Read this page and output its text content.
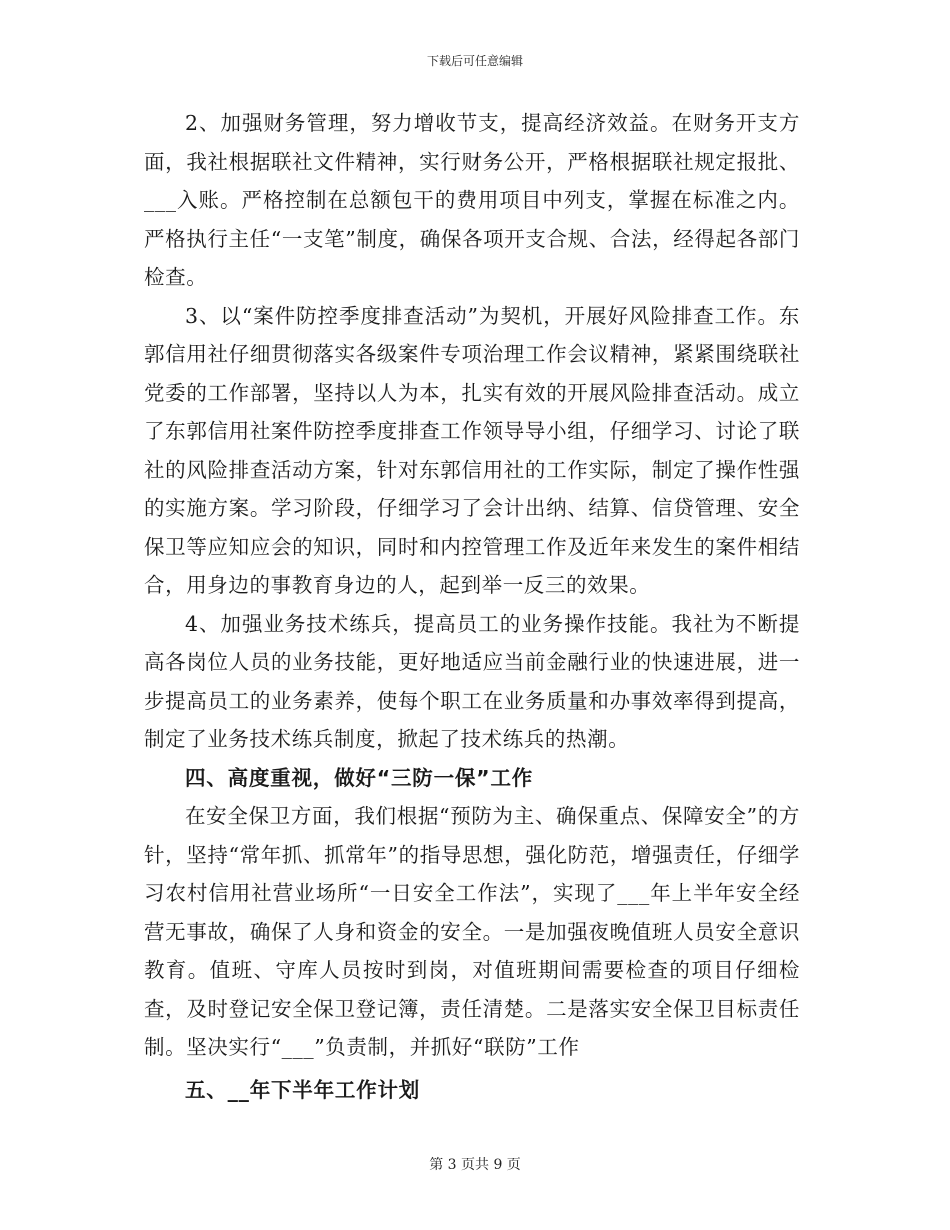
下载后可任意编辑

2、加强财务管理，努力增收节支，提高经济效益。在财务开支方面，我社根据联社文件精神，实行财务公开，严格根据联社规定报批、___入账。严格控制在总额包干的费用项目中列支，掌握在标准之内。严格执行主任“一支笔”制度，确保各项开支合规、合法，经得起各部门检查。

3、以“案件防控季度排查活动”为契机，开展好风险排查工作。东郭信用社仔细贯彻落实各级案件专项治理工作会议精神，紧紧围绕联社党委的工作部署，坚持以人为本，扎实有效的开展风险排查活动。成立了东郭信用社案件防控季度排查工作领导导小组，仔细学习、讨论了联社的风险排查活动方案，针对东郭信用社的工作实际，制定了操作性强的实施方案。学习阶段，仔细学习了会计出纳、结算、信贷管理、安全保卫等应知应会的知识，同时和内控管理工作及近年来发生的案件相结合，用身边的事教育身边的人，起到举一反三的效果。

4、加强业务技术练兵，提高员工的业务操作技能。我社为不断提高各岗位人员的业务技能，更好地适应当前金融行业的快速进展，进一步提高员工的业务素养，使每个职工在业务质量和办事效率得到提高，制定了业务技术练兵制度，掀起了技术练兵的热潮。

四、高度重视，做好“三防一保”工作

在安全保卫方面，我们根据“预防为主、确保重点、保障安全”的方针，坚持“常年抓、抓常年”的指导思想，强化防范，增强责任，仔细学习农村信用社营业场所“一日安全工作法”，实现了___年上半年安全经营无事故，确保了人身和资金的安全。一是加强夜晚值班人员安全意识教育。值班、守库人员按时到岗，对值班期间需要检查的项目仔细检查，及时登记安全保卫登记簿，责任清楚。二是落实安全保卫目标责任制。坚决实行“___”负责制，并抓好“联防”工作

五、__年下半年工作计划

第 3 页共 9 页
